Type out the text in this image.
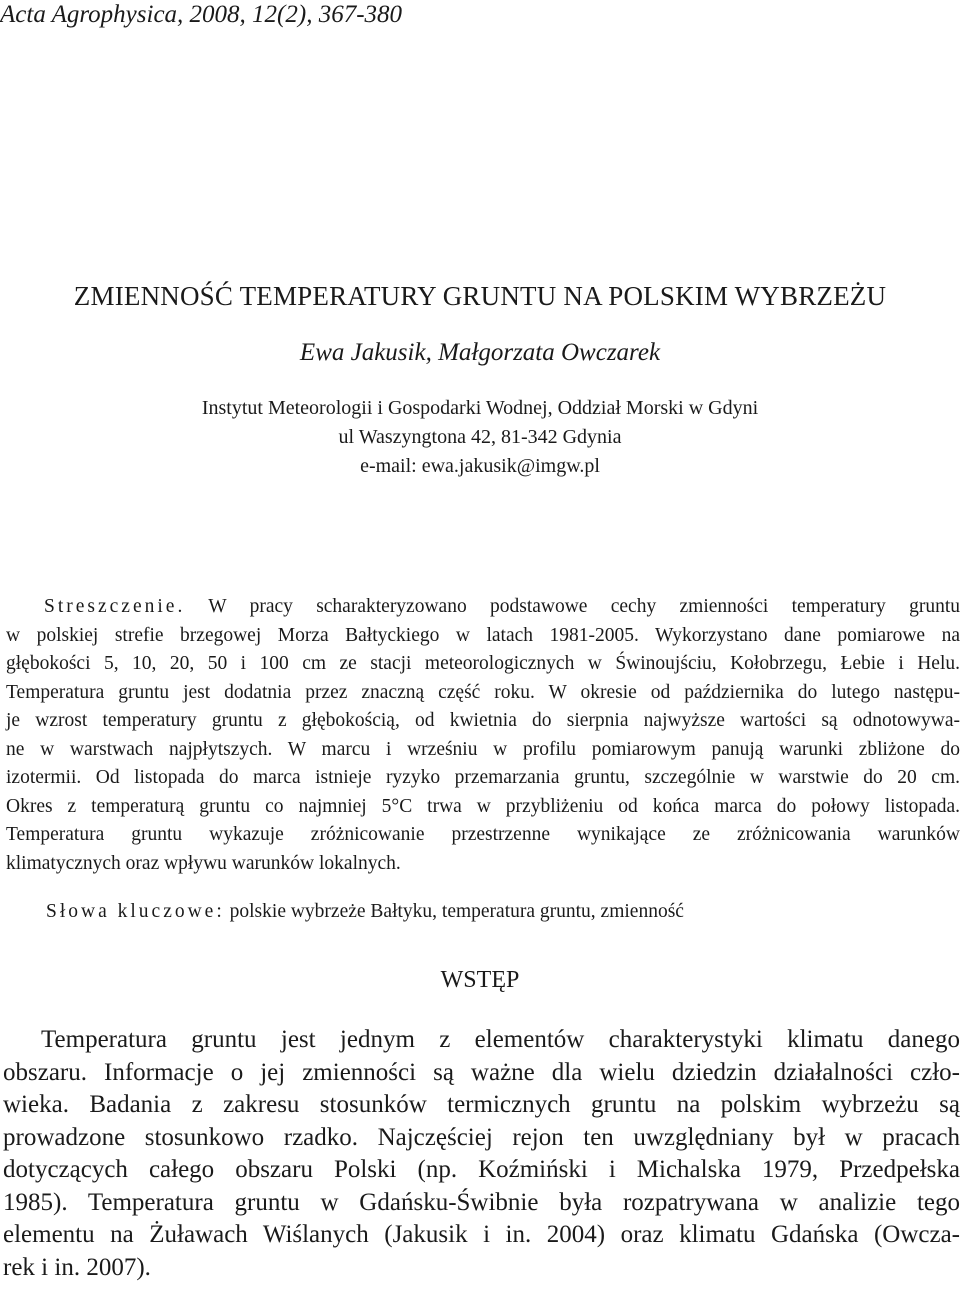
Acta Agrophysica, 2008, 12(2), 367-380
ZMIENNOŚĆ TEMPERATURY GRUNTU NA POLSKIM WYBRZEŻU
Ewa Jakusik, Małgorzata Owczarek
Instytut Meteorologii i Gospodarki Wodnej, Oddział Morski w Gdyni
ul Waszyngtona 42, 81-342 Gdynia
e-mail: ewa.jakusik@imgw.pl
Streszczenie. W pracy scharakteryzowano podstawowe cechy zmienności temperatury gruntu
w polskiej strefie brzegowej Morza Bałtyckiego w latach 1981-2005. Wykorzystano dane pomiarowe na
głębokości 5, 10, 20, 50 i 100 cm ze stacji meteorologicznych w Świnoujściu, Kołobrzegu, Łebie i Helu.
Temperatura gruntu jest dodatnia przez znaczną część roku. W okresie od października do lutego następu-
je wzrost temperatury gruntu z głębokością, od kwietnia do sierpnia najwyższe wartości są odnotowywa-
ne w warstwach najpłytszych. W marcu i wrześniu w profilu pomiarowym panują warunki zbliżone do
izotermii. Od listopada do marca istnieje ryzyko przemarzania gruntu, szczególnie w warstwie do 20 cm.
Okres z temperaturą gruntu co najmniej 5°C trwa w przybliżeniu od końca marca do połowy listopada.
Temperatura gruntu wykazuje zróżnicowanie przestrzenne wynikające ze zróżnicowania warunków
klimatycznych oraz wpływu warunków lokalnych.
Słowa kluczowe: polskie wybrzeże Bałtyku, temperatura gruntu, zmienność
WSTĘP
Temperatura gruntu jest jednym z elementów charakterystyki klimatu danego
obszaru. Informacje o jej zmienności są ważne dla wielu dziedzin działalności czło-
wieka. Badania z zakresu stosunków termicznych gruntu na polskim wybrzeżu są
prowadzone stosunkowo rzadko. Najczęściej rejon ten uwzględniany był w pracach
dotyczących całego obszaru Polski (np. Koźmiński i Michalska 1979, Przedpełska
1985). Temperatura gruntu w Gdańsku-Świbnie była rozpatrywana w analizie tego
elementu na Żuławach Wiślanych (Jakusik i in. 2004) oraz klimatu Gdańska (Owcza-
rek i in. 2007).
